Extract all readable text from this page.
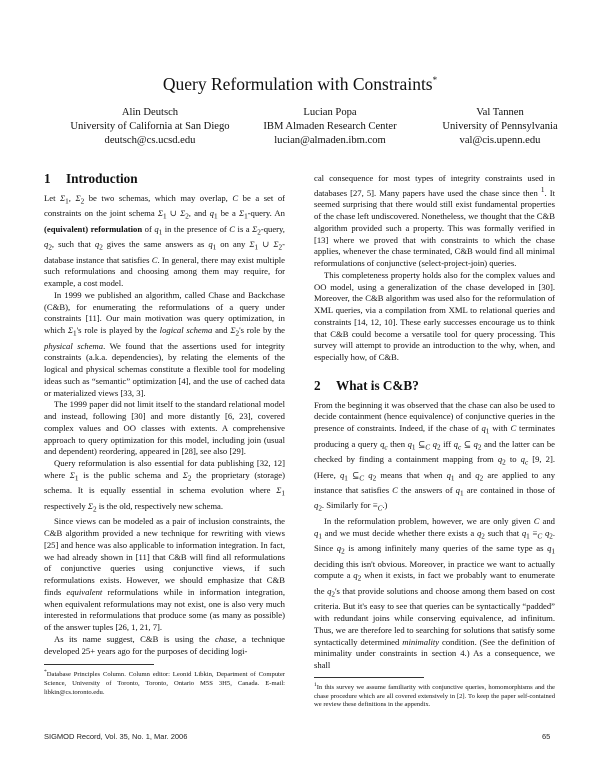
Query Reformulation with Constraints*
Alin Deutsch
University of California at San Diego
deutsch@cs.ucsd.edu
Lucian Popa
IBM Almaden Research Center
lucian@almaden.ibm.com
Val Tannen
University of Pennsylvania
val@cis.upenn.edu
1 Introduction

Let $\Sigma_1$, $\Sigma_2$ be two schemas, which may overlap, C be a set of constraints on the joint schema $\Sigma_1$ ∪ $\Sigma_2$, and $q_1$ be a $\Sigma_1$-query. An (equivalent) reformulation of $q_1$ in the presence of C is a $\Sigma_2$-query, $q_2$, such that $q_2$ gives the same answers as $q_1$ on any $\Sigma_1$ ∪ $\Sigma_2$-database instance that satisfies C. In general, there may exist multiple such reformulations and choosing among them may require, for example, a cost model.

In 1999 we published an algorithm, called Chase and Backchase (C&B), for enumerating the reformulations of a query under constraints [11]. Our main motivation was query optimization, in which $\Sigma_1's$ role is played by the logical schema and $\Sigma_2's$ role by the physical schema. We found that the assertions used for integrity constraints (a.k.a. dependencies), by relating the elements of the logical and physical schemas constitute a flexible tool for modeling ideas such as “semantic” optimization [4], and the use of cached data or materialized views [33, 3].

The 1999 paper did not limit itself to the standard relational model and instead, following [30] and more distantly [6, 23], covered complex values and OO classes with extents. A comprehensive approach to query optimization for this model, including join (usual and dependent) reordering, appeared in [28], see also [29].

Query reformulation is also essential for data publishing [32, 12] where $\Sigma_1$ is the public schema and $\Sigma_2$ the proprietary (storage) schema. It is equally essential in schema evolution where $\Sigma_1$ respectively $\Sigma_2$ is the old, respectively new schema.

Since views can be modeled as a pair of inclusion constraints, the C&B algorithm provided a new technique for rewriting with views [25] and hence was also applicable to information integration. In fact, we had already shown in [11] that C&B will find all reformulations of conjunctive queries using conjunctive views, if such reformulations exists. However, we should emphasize that C&B finds equivalent reformulations while in information integration, when equivalent reformulations may not exist, one is also very much interested in reformulations that produce some (as many as possible) of the answer tuples [26, 1, 21, 7].

As its name suggest, C&B is using the chase, a technique developed 25+ years ago for the purposes of deciding logi-

*Database Principles Column. Column editor: Leonid Libkin, Department of Computer Science, University of Toronto, Toronto, Ontario M5S 3H5, Canada. E-mail: libkin@cs.toronto.edu.

cal consequence for most types of integrity constraints used in databases [27, 5]. Many papers have used the chase since then $^1$. It seemed surprising that there would still exist fundamental properties of the chase left undiscovered. Nonetheless, we thought that the C&B algorithm provided such a property. This was formally verified in [13] where we proved that with constraints to which the chase applies, whenever the chase terminated, C&B would find all minimal reformulations of conjunctive (select-project-join) queries.

This completeness property holds also for the complex values and OO model, using a generalization of the chase developed in [30]. Moreover, the C&B algorithm was used also for the reformulation of XML queries, via a compilation from XML to relational queries and constraints [14, 12, 10]. These early successes encourage us to think that C&B could become a versatile tool for query processing. This survey will attempt to provide an introduction to the why, when, and especially how, of C&B.

2 What is C&B?

From the beginning it was observed that the chase can also be used to decide containment (hence equivalence) of conjunctive queries in the presence of constraints. Indeed, if the chase of $q_1$ with C terminates producing a query $q_c$ then $q_1$ $⊆_C$ $q_2$ iff $q_c$ ⊆ $q_2$ and the latter can be checked by finding a containment mapping from $q_2$ to $q_c$ [9, 2]. (Here, $q_1$ $⊆_C$ $q_2$ means that when $q_1$ and $q_2$ are applied to any instance that satisfies C the answers of $q_1$ are contained in those of $q_2$. Similarly for $\equiv_C$.)

In the reformulation problem, however, we are only given C and $q_1$ and we must decide whether there exists a $q_2$ such that $q_1 \equiv_C$ $q_2$. Since $q_2$ is among infinitely many queries of the same type as $q_1$ deciding this isn't obvious. Moreover, in practice we want to actually compute a $q_2$ when it exists, in fact we probably want to enumerate the $q_2's$ that provide solutions and choose among them based on cost criteria. But it's easy to see that queries can be syntactically “padded” with redundant joins while conserving equivalence, ad infinitum. Thus, we are therefore led to searching for solutions that satisfy some syntactically determined minimality condition. (See the definition of minimality under constraints in section 4.) As a consequence, we shall

$^1$In this survey we assume familiarity with conjunctive queries, homomorphisms and the chase procedure which are all covered extensively in [2]. To keep the paper self-contained we review these definitions in the appendix.
SIGMOD Record, Vol. 35, No. 1, Mar. 2006	65
